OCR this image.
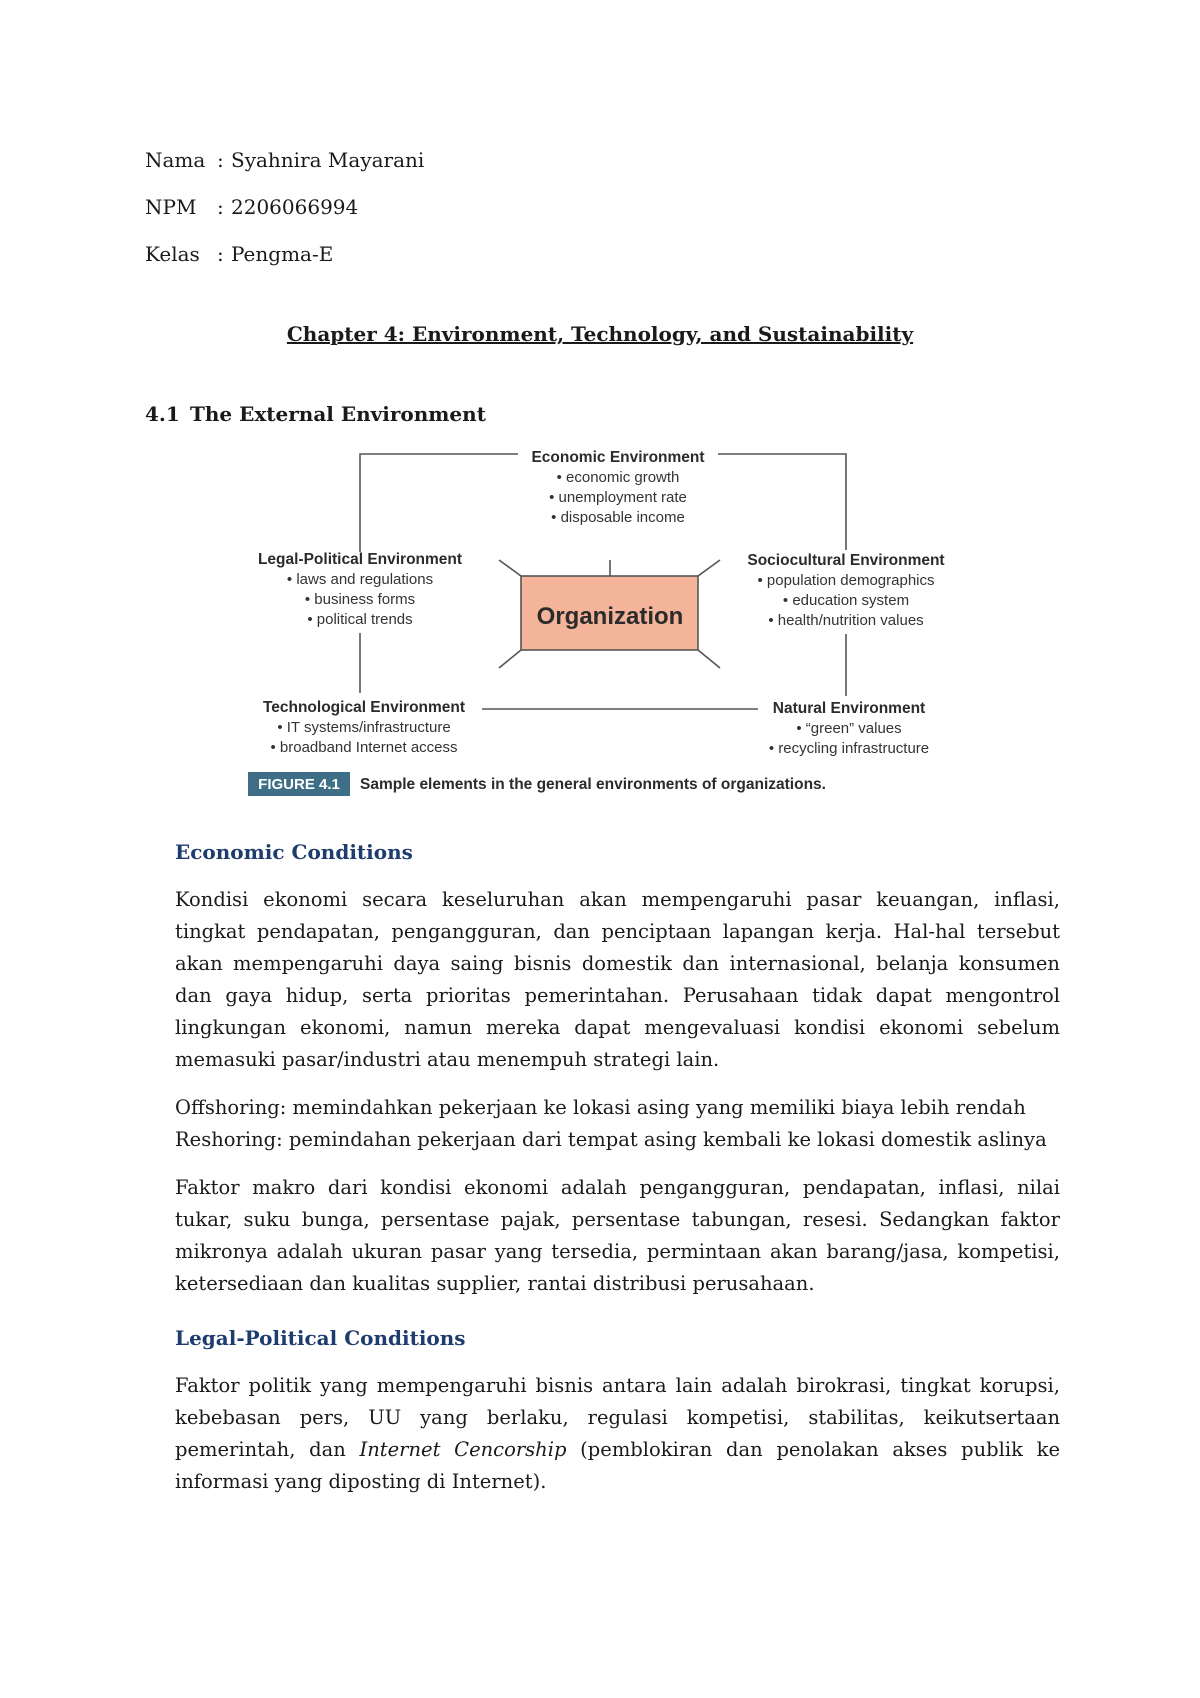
Nama : Syahnira Mayarani
NPM : 2206066994
Kelas : Pengma-E
Chapter 4: Environment, Technology, and Sustainability
4.1 The External Environment
Organization
Economic Environment
• economic growth
• unemployment rate
• disposable income
Legal-Political Environment
• laws and regulations
• business forms
• political trends
Sociocultural Environment
• population demographics
• education system
• health/nutrition values
Technological Environment
• IT systems/infrastructure
• broadband Internet access
Natural Environment
• “green” values
• recycling infrastructure
FIGURE 4.1 Sample elements in the general environments of organizations.
Economic Conditions

Kondisi ekonomi secara keseluruhan akan mempengaruhi pasar keuangan, inflasi, tingkat pendapatan, pengangguran, dan penciptaan lapangan kerja. Hal-hal tersebut akan mempengaruhi daya saing bisnis domestik dan internasional, belanja konsumen dan gaya hidup, serta prioritas pemerintahan. Perusahaan tidak dapat mengontrol lingkungan ekonomi, namun mereka dapat mengevaluasi kondisi ekonomi sebelum memasuki pasar/industri atau menempuh strategi lain.

Offshoring: memindahkan pekerjaan ke lokasi asing yang memiliki biaya lebih rendah
Reshoring: pemindahan pekerjaan dari tempat asing kembali ke lokasi domestik aslinya

Faktor makro dari kondisi ekonomi adalah pengangguran, pendapatan, inflasi, nilai tukar, suku bunga, persentase pajak, persentase tabungan, resesi. Sedangkan faktor mikronya adalah ukuran pasar yang tersedia, permintaan akan barang/jasa, kompetisi, ketersediaan dan kualitas supplier, rantai distribusi perusahaan.

Legal-Political Conditions

Faktor politik yang mempengaruhi bisnis antara lain adalah birokrasi, tingkat korupsi, kebebasan pers, UU yang berlaku, regulasi kompetisi, stabilitas, keikutsertaan pemerintah, dan Internet Cencorship (pemblokiran dan penolakan akses publik ke informasi yang diposting di Internet).
